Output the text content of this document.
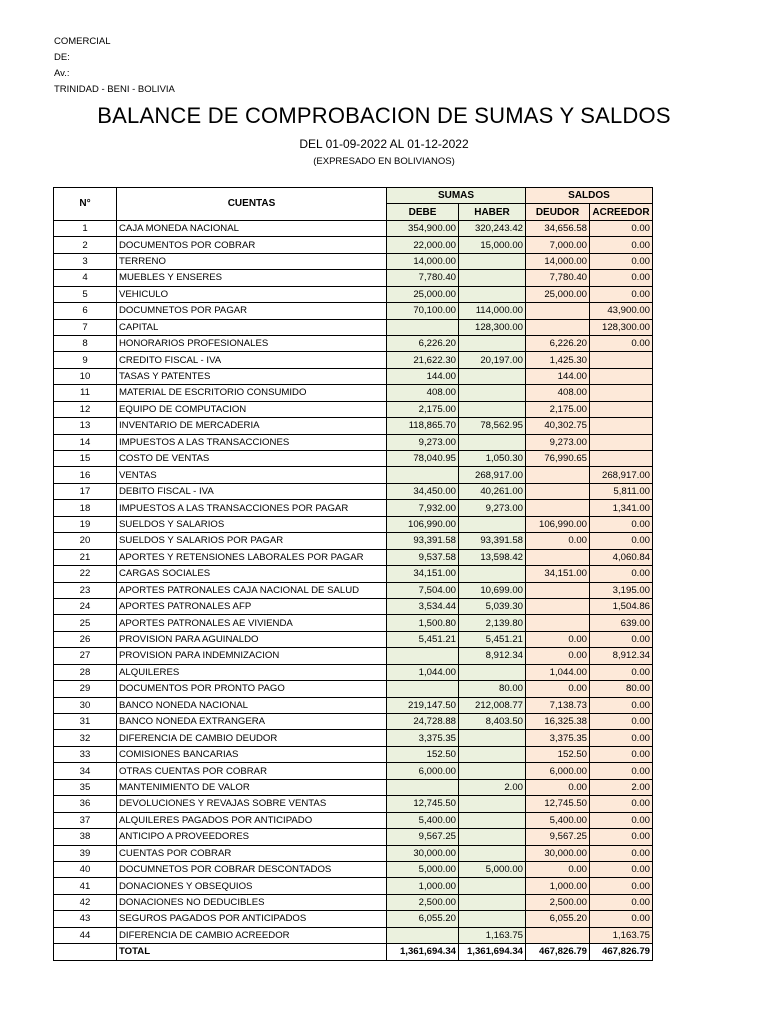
COMERCIAL
DE:
Av.:
TRINIDAD - BENI - BOLIVIA
BALANCE DE COMPROBACION DE SUMAS Y SALDOS
DEL 01-09-2022 AL 01-12-2022
(EXPRESADO EN BOLIVIANOS)
N°	CUENTAS	SUMAS		SALDOS	
		DEBE	HABER	DEUDOR	ACREEDOR
1	CAJA MONEDA NACIONAL	354,900.00	320,243.42	34,656.58	0.00
2	DOCUMENTOS POR COBRAR	22,000.00	15,000.00	7,000.00	0.00
3	TERRENO	14,000.00		14,000.00	0.00
4	MUEBLES Y ENSERES	7,780.40		7,780.40	0.00
5	VEHICULO	25,000.00		25,000.00	0.00
6	DOCUMNETOS POR PAGAR	70,100.00	114,000.00		43,900.00
7	CAPITAL		128,300.00		128,300.00
8	HONORARIOS PROFESIONALES	6,226.20		6,226.20	0.00
9	CREDITO FISCAL - IVA	21,622.30	20,197.00	1,425.30	
10	TASAS Y PATENTES	144.00		144.00	
11	MATERIAL DE ESCRITORIO CONSUMIDO	408.00		408.00	
12	EQUIPO DE COMPUTACION	2,175.00		2,175.00	
13	INVENTARIO DE MERCADERIA	118,865.70	78,562.95	40,302.75	
14	IMPUESTOS A LAS TRANSACCIONES	9,273.00		9,273.00	
15	COSTO DE VENTAS	78,040.95	1,050.30	76,990.65	
16	VENTAS		268,917.00		268,917.00
17	DEBITO FISCAL - IVA	34,450.00	40,261.00		5,811.00
18	IMPUESTOS A LAS TRANSACCIONES POR PAGAR	7,932.00	9,273.00		1,341.00
19	SUELDOS Y SALARIOS	106,990.00		106,990.00	0.00
20	SUELDOS Y SALARIOS POR PAGAR	93,391.58	93,391.58	0.00	0.00
21	APORTES Y RETENSIONES LABORALES POR PAGAR	9,537.58	13,598.42		4,060.84
22	CARGAS SOCIALES	34,151.00		34,151.00	0.00
23	APORTES PATRONALES CAJA NACIONAL DE SALUD	7,504.00	10,699.00		3,195.00
24	APORTES PATRONALES AFP	3,534.44	5,039.30		1,504.86
25	APORTES PATRONALES AE VIVIENDA	1,500.80	2,139.80		639.00
26	PROVISION PARA AGUINALDO	5,451.21	5,451.21	0.00	0.00
27	PROVISION PARA INDEMNIZACION		8,912.34	0.00	8,912.34
28	ALQUILERES	1,044.00		1,044.00	0.00
29	DOCUMENTOS POR PRONTO PAGO		80.00	0.00	80.00
30	BANCO NONEDA NACIONAL	219,147.50	212,008.77	7,138.73	0.00
31	BANCO NONEDA EXTRANGERA	24,728.88	8,403.50	16,325.38	0.00
32	DIFERENCIA DE CAMBIO DEUDOR	3,375.35		3,375.35	0.00
33	COMISIONES BANCARIAS	152.50		152.50	0.00
34	OTRAS CUENTAS POR COBRAR	6,000.00		6,000.00	0.00
35	MANTENIMIENTO DE VALOR		2.00	0.00	2.00
36	DEVOLUCIONES Y REVAJAS SOBRE VENTAS	12,745.50		12,745.50	0.00
37	ALQUILERES PAGADOS POR ANTICIPADO	5,400.00		5,400.00	0.00
38	ANTICIPO A PROVEEDORES	9,567.25		9,567.25	0.00
39	CUENTAS POR COBRAR	30,000.00		30,000.00	0.00
40	DOCUMNETOS POR COBRAR DESCONTADOS	5,000.00	5,000.00	0.00	0.00
41	DONACIONES Y OBSEQUIOS	1,000.00		1,000.00	0.00
42	DONACIONES NO DEDUCIBLES	2,500.00		2,500.00	0.00
43	SEGUROS PAGADOS POR ANTICIPADOS	6,055.20		6,055.20	0.00
44	DIFERENCIA DE CAMBIO ACREEDOR		1,163.75		1,163.75
	TOTAL	1,361,694.34	1,361,694.34	467,826.79	467,826.79
